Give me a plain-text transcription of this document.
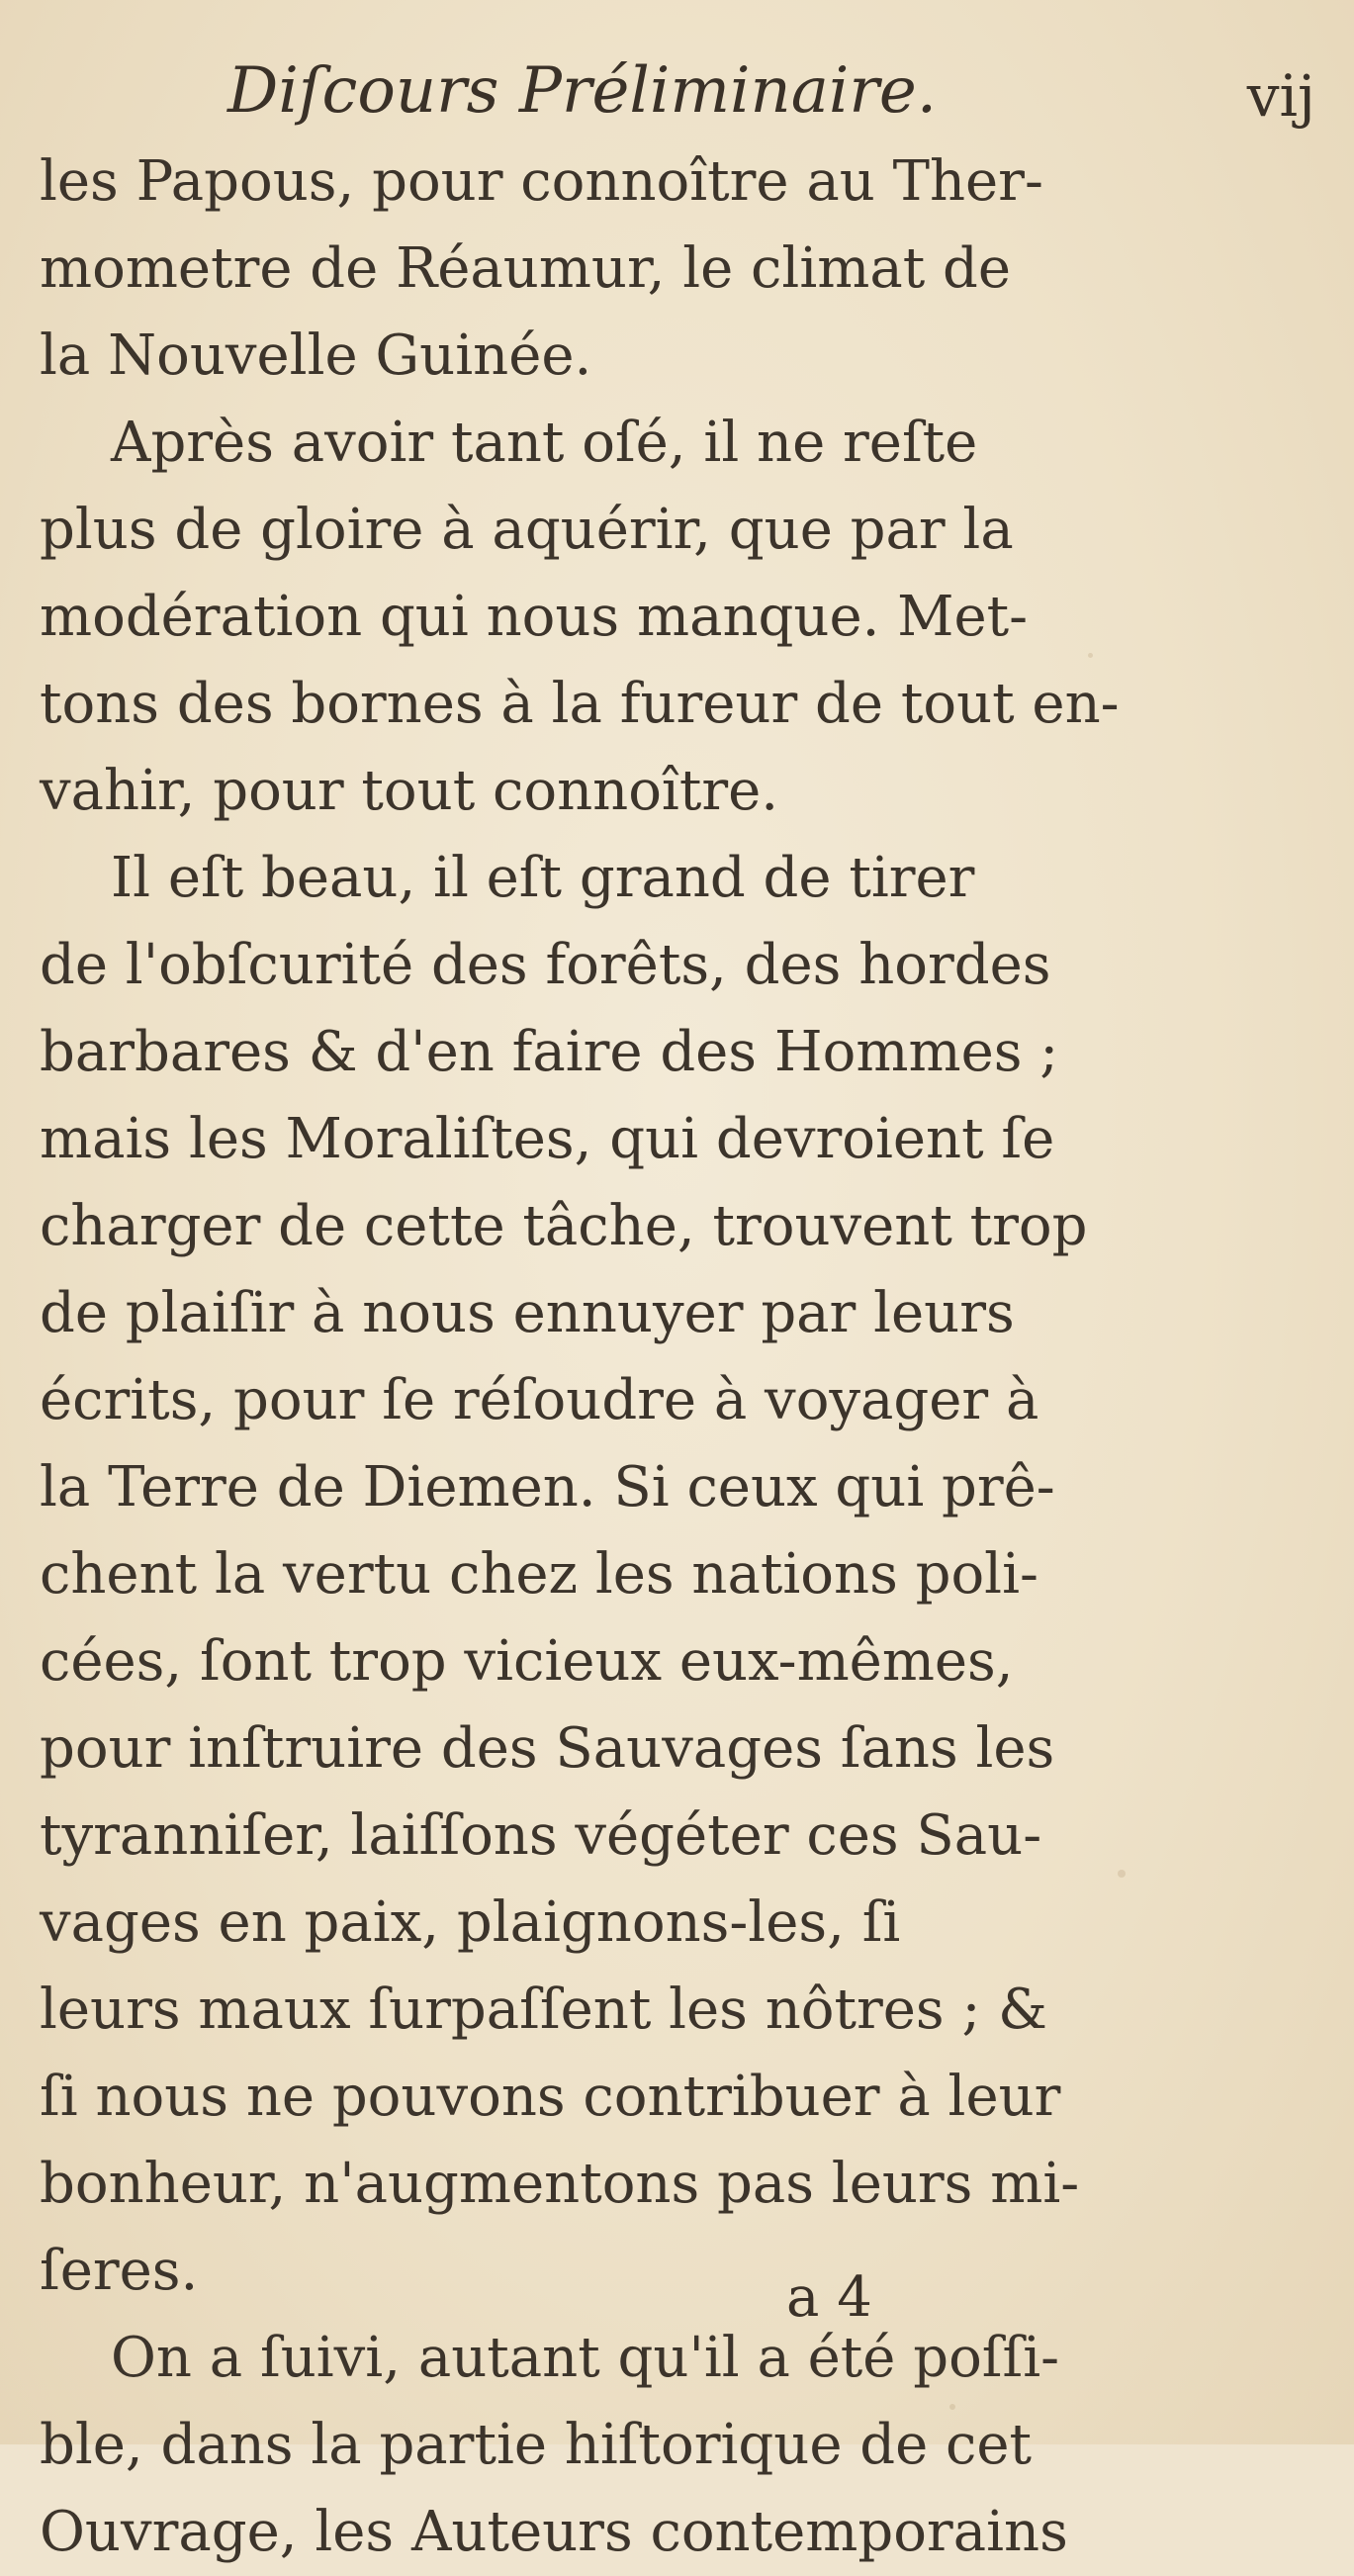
Diſcours Préliminaire.	vij
les Papous, pour connoître au Ther-
mometre de Réaumur, le climat de
la Nouvelle Guinée.
Après avoir tant oſé, il ne reſte
plus de gloire à aquérir, que par la
modération qui nous manque. Met-
tons des bornes à la fureur de tout en-
vahir, pour tout connoître.
Il eſt beau, il eſt grand de tirer
de l'obſcurité des forêts, des hordes
barbares & d'en faire des Hommes ;
mais les Moraliſtes, qui devroient ſe
charger de cette tâche, trouvent trop
de plaiſir à nous ennuyer par leurs
écrits, pour ſe réſoudre à voyager à
la Terre de Diemen. Si ceux qui prê-
chent la vertu chez les nations poli-
cées, ſont trop vicieux eux-mêmes,
pour inſtruire des Sauvages ſans les
tyranniſer, laiſſons végéter ces Sau-
vages en paix, plaignons-les, ſi
leurs maux ſurpaſſent les nôtres ; &
ſi nous ne pouvons contribuer à leur
bonheur, n'augmentons pas leurs mi-
ſeres.
On a ſuivi, autant qu'il a été poſſi-
ble, dans la partie hiſtorique de cet
Ouvrage, les Auteurs contemporains
a 4
